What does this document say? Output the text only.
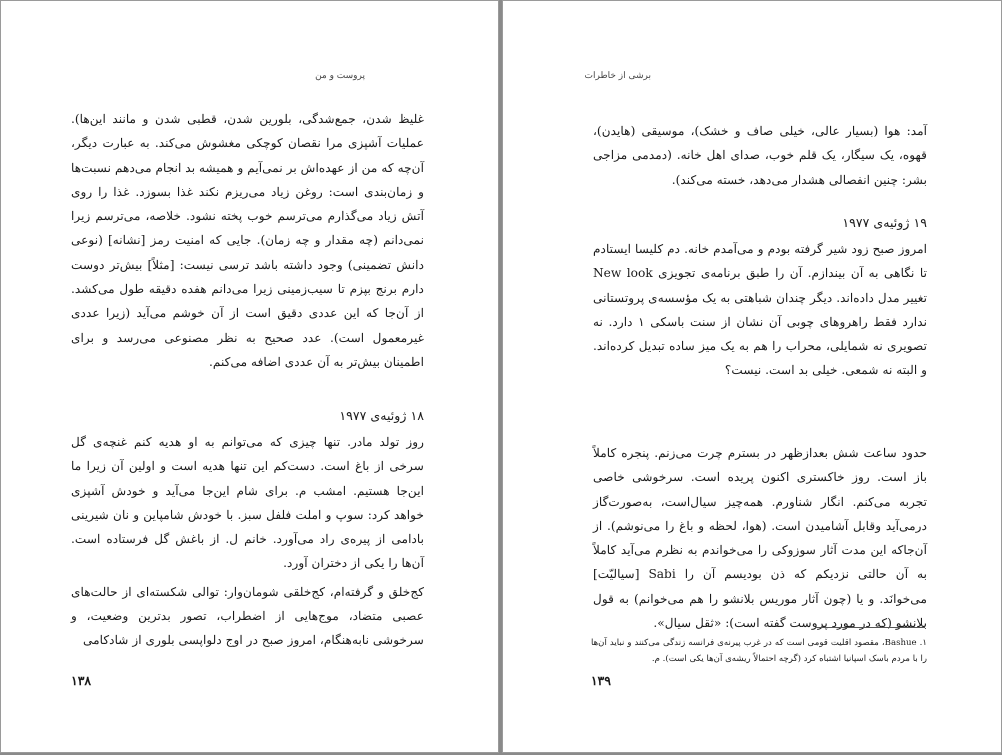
پروست و من

غلیظ شدن، جمع‌شدگی، بلورین شدن، قطبی شدن و مانند این‌ها). عملیات آشپزی مرا نقصان کوچکی مغشوش می‌کند. به عبارت دیگر، آن‌چه که من از عهده‌اش بر نمی‌آیم و همیشه بد انجام می‌دهم نسبت‌ها و زمان‌بندی است: روغن زیاد می‌ریزم نکند غذا بسوزد. غذا را روی آتش زیاد می‌گذارم می‌ترسم خوب پخته نشود. خلاصه، می‌ترسم زیرا نمی‌دانم (چه مقدار و چه زمان). جایی که امنیت رمز [نشانه] (نوعی دانش تضمینی) وجود داشته باشد ترسی نیست: [مثلاً] بیش‌تر دوست دارم برنج بپزم تا سیب‌زمینی زیرا می‌دانم هفده دقیقه طول می‌کشد. از آن‌جا که این عددی دقیق است از آن خوشم می‌آید (زیرا عددی غیرمعمول است). عدد صحیح به نظر مصنوعی می‌رسد و برای اطمینان بیش‌تر به آن عددی اضافه می‌کنم.

۱۸ ژوئیه‌ی ۱۹۷۷

روز تولد مادر. تنها چیزی که می‌توانم به او هدیه کنم غنچه‌ی گل سرخی از باغ است. دست‌کم این تنها هدیه است و اولین آن زیرا ما این‌جا هستیم. امشب م. برای شام این‌جا می‌آید و خودش آشپزی خواهد کرد: سوپ و املت فلفل سبز. با خودش شامپاین و نان شیرینی بادامی از پیره‌ی راد می‌آورد. خانم ل. از باغش گل فرستاده است. آن‌ها را یکی از دختران آورد.

کج‌خلق و گرفته‌ام، کج‌خلقی شومان‌وار: توالی شکسته‌ای از حالت‌های عصبی متضاد، موج‌هایی از اضطراب، تصور بدترین وضعیت، و سرخوشی نابه‌هنگام، امروز صبح در اوج دلواپسی بلوری از شادکامی

۱۳۸
برشی از خاطرات

آمد: هوا (بسیار عالی، خیلی صاف و خشک)، موسیقی (هایدن)، قهوه، یک سیگار، یک قلم خوب، صدای اهل خانه. (دمدمی مزاجی بشر: چنین انفصالی هشدار می‌دهد، خسته می‌کند).

۱۹ ژوئیه‌ی ۱۹۷۷

امروز صبح زود شیر گرفته بودم و می‌آمدم خانه. دم کلیسا ایستادم تا نگاهی به آن بیندازم. آن را طبق برنامه‌ی تجویزی New look تغییر مدل داده‌اند. دیگر چندان شباهتی به یک مؤسسه‌ی پروتستانی ندارد فقط راهروهای چوبی آن نشان از سنت باسکی ۱ دارد. نه تصویری نه شمایلی، محراب را هم به یک میز ساده تبدیل کرده‌اند. و البته نه شمعی. خیلی بد است. نیست؟

حدود ساعت شش بعدازظهر در بسترم چرت می‌زنم. پنجره کاملاً باز است. روز خاکستری اکنون پریده است. سرخوشی خاصی تجربه می‌کنم. انگار شناورم. همه‌چیز سیال‌است، به‌صورت‌گاز درمی‌آید وقابل آشامیدن است. (هوا، لحظه و باغ را می‌نوشم). از آن‌جاکه این مدت آثار سوزوکی را می‌خواندم به نظرم می‌آید کاملاً به آن حالتی نزدیکم که ذن بودیسم آن را Sabi [سیالیّت] می‌خوانَد. و یا (چون آثار موریس بلانشو را هم می‌خوانم) به قول بلانشو (که در مورد پروست گفته است): «ثقل سیال».

۱. Bashue، مقصود اقلیت قومی است که در غرب پیرنه‌ی فرانسه زندگی می‌کنند و نباید آن‌ها را با مردم باسک اسپانیا اشتباه کرد (گرچه احتمالاً ریشه‌ی آن‌ها یکی است). م.
۱۳۹
